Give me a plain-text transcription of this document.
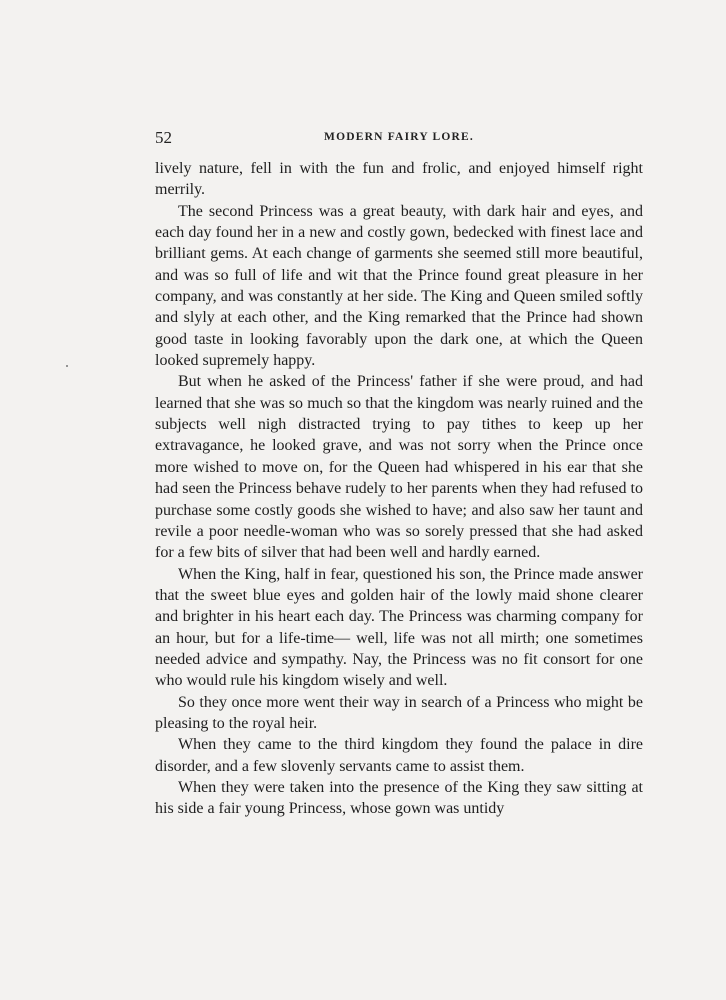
52	MODERN FAIRY LORE.

lively nature, fell in with the fun and frolic, and enjoyed himself right merrily.

The second Princess was a great beauty, with dark hair and eyes, and each day found her in a new and costly gown, bedecked with finest lace and brilliant gems. At each change of garments she seemed still more beautiful, and was so full of life and wit that the Prince found great pleasure in her company, and was constantly at her side. The King and Queen smiled softly and slyly at each other, and the King remarked that the Prince had shown good taste in looking favorably upon the dark one, at which the Queen looked supremely happy.

But when he asked of the Princess' father if she were proud, and had learned that she was so much so that the kingdom was nearly ruined and the subjects well nigh distracted trying to pay tithes to keep up her extravagance, he looked grave, and was not sorry when the Prince once more wished to move on, for the Queen had whispered in his ear that she had seen the Princess behave rudely to her parents when they had refused to purchase some costly goods she wished to have; and also saw her taunt and revile a poor needle-woman who was so sorely pressed that she had asked for a few bits of silver that had been well and hardly earned.

When the King, half in fear, questioned his son, the Prince made answer that the sweet blue eyes and golden hair of the lowly maid shone clearer and brighter in his heart each day. The Princess was charming company for an hour, but for a life-time— well, life was not all mirth; one sometimes needed advice and sympathy. Nay, the Princess was no fit consort for one who would rule his kingdom wisely and well.

So they once more went their way in search of a Princess who might be pleasing to the royal heir.

When they came to the third kingdom they found the palace in dire disorder, and a few slovenly servants came to assist them.

When they were taken into the presence of the King they saw sitting at his side a fair young Princess, whose gown was untidy
